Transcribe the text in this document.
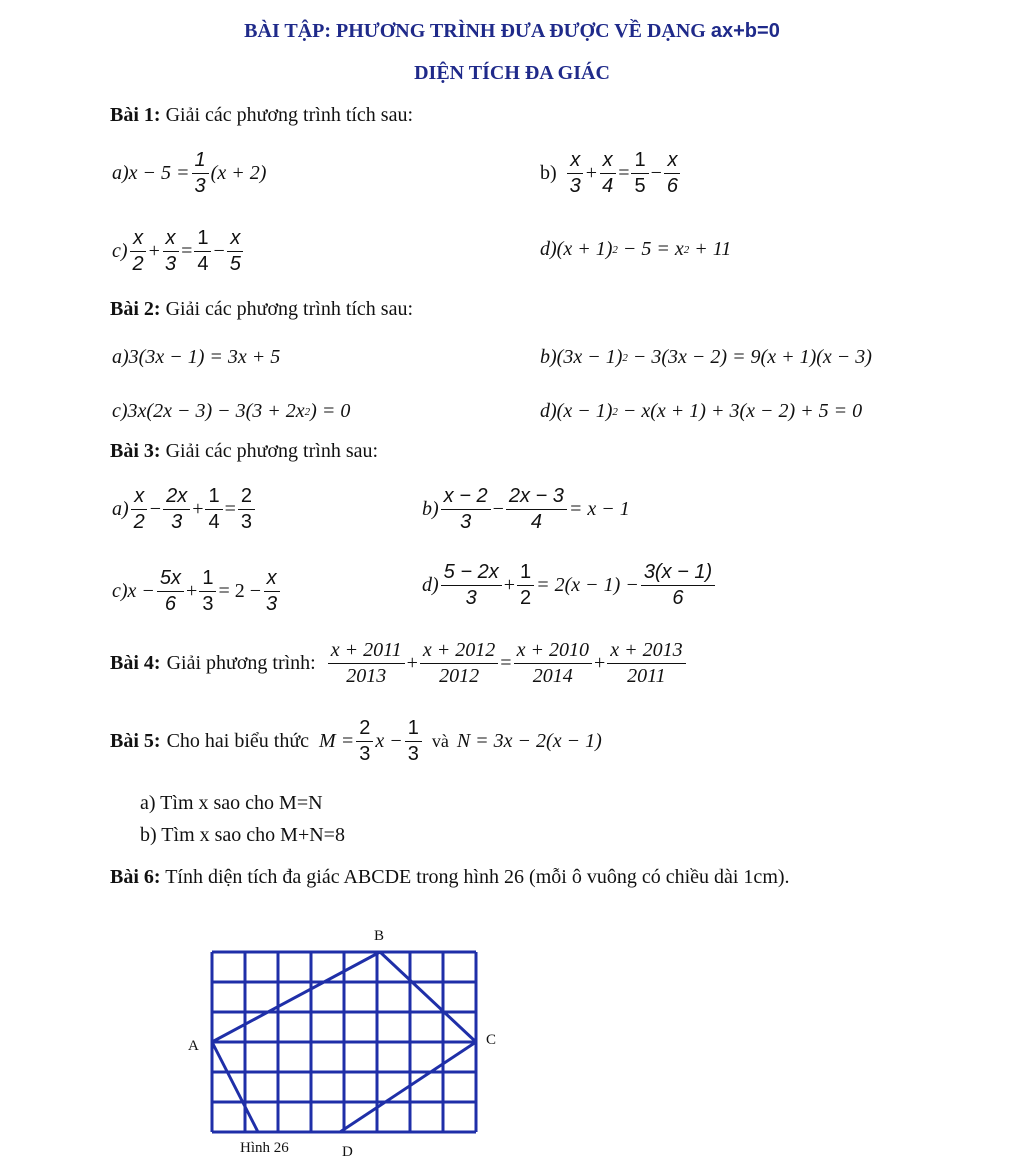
BÀI TẬP: PHƯƠNG TRÌNH ĐƯA ĐƯỢC VỀ DẠNG ax+b=0
DIỆN TÍCH ĐA GIÁC
Bài 1: Giải các phương trình tích sau:
a) $x - 5 = \frac{1}{3} (x + 2)$	$b) \frac{x}{3} + \frac{x}{4} = \frac{1}{5} - \frac{x}{6}$
$c) \frac{x}{2} + \frac{x}{3} = \frac{1}{4} - \frac{x}{5}$	d) (x + 1) 2 − 5 = x 2 + 11
Bài 2: Giải các phương trình tích sau:
a) 3(3x − 1) = 3x + 5	b) (3x − 1) 2 − 3(3x − 2) = 9(x + 1)(x − 3)
c) 3x(2x − 3) − 3(3 + 2x 2 ) = 0	d) (x − 1) 2 − x(x + 1) + 3(x − 2) + 5 = 0
Bài 3: Giải các phương trình sau:
$a) \frac{x}{2} - \frac{2x}{3} + \frac{1}{4} = \frac{2}{3}$	$b) \frac{x - 2}{3} - \frac{2x - 3}{4} = x - 1$
c) $x - \frac{5x}{6} + \frac{1}{3} = 2 - \frac{x}{3}$	$d) \frac{5 - 2x}{3} + \frac{1}{2} = 2(x - 1) - \frac{3(x - 1)}{6}$
Bài 4: Giải phương trình: $\frac{x + 2011}{2013} + \frac{x + 2012}{2012} = \frac{x + 2010}{2014} + \frac{x + 2013}{2011}$
Bài 5: Cho hai biểu thức $M = \frac{2}{3}$ $x - \frac{1}{3}$ và N = 3x − 2(x − 1)
a) Tìm x sao cho M=N
b) Tìm x sao cho M+N=8
Bài 6: Tính diện tích đa giác ABCDE trong hình 26 (mỗi ô vuông có chiều dài 1cm).
B
A	C
D
Hình 26
